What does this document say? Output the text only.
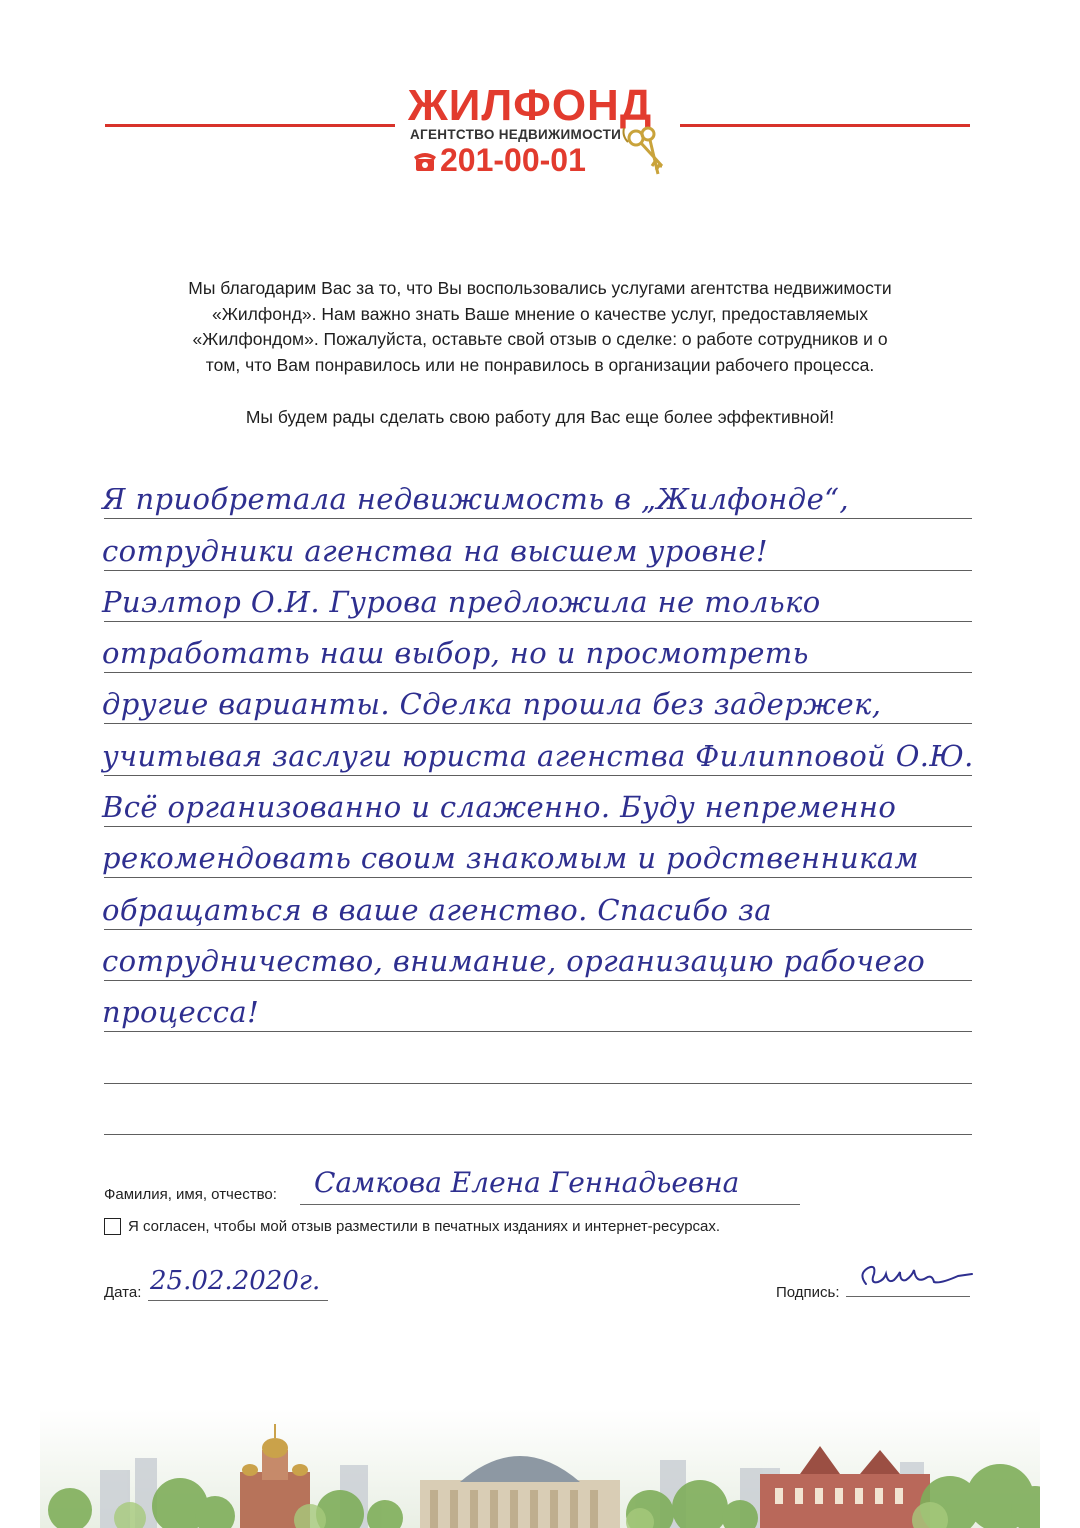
ЖИЛФОНД
АГЕНТСТВО НЕДВИЖИМОСТИ
201-00-01

Мы благодарим Вас за то, что Вы воспользовались услугами агентства недвижимости
«Жилфонд». Нам важно знать Ваше мнение о качестве услуг, предоставляемых
«Жилфондом». Пожалуйста, оставьте свой отзыв о сделке: о работе сотрудников и о
том, что Вам понравилось или не понравилось в организации рабочего процесса.

Мы будем рады сделать свою работу для Вас еще более эффективной!

Я приобретала недвижимость в „Жилфонде“,
сотрудники агенства на высшем уровне!
Риэлтор О.И. Гурова предложила не только
отработать наш выбор, но и просмотреть
другие варианты. Сделка прошла без задержек,
учитывая заслуги юриста агенства Филипповой О.Ю.
Всё организованно и слаженно. Буду непременно
рекомендовать своим знакомым и родственникам
обращаться в ваше агенство. Спасибо за
сотрудничество, внимание, организацию рабочего
процесса!
Фамилия, имя, отчество: Самкова Елена Геннадьевна
Я согласен, чтобы мой отзыв разместили в печатных изданиях и интернет-ресурсах.
Дата: 25.02.2020г.	Подпись:
